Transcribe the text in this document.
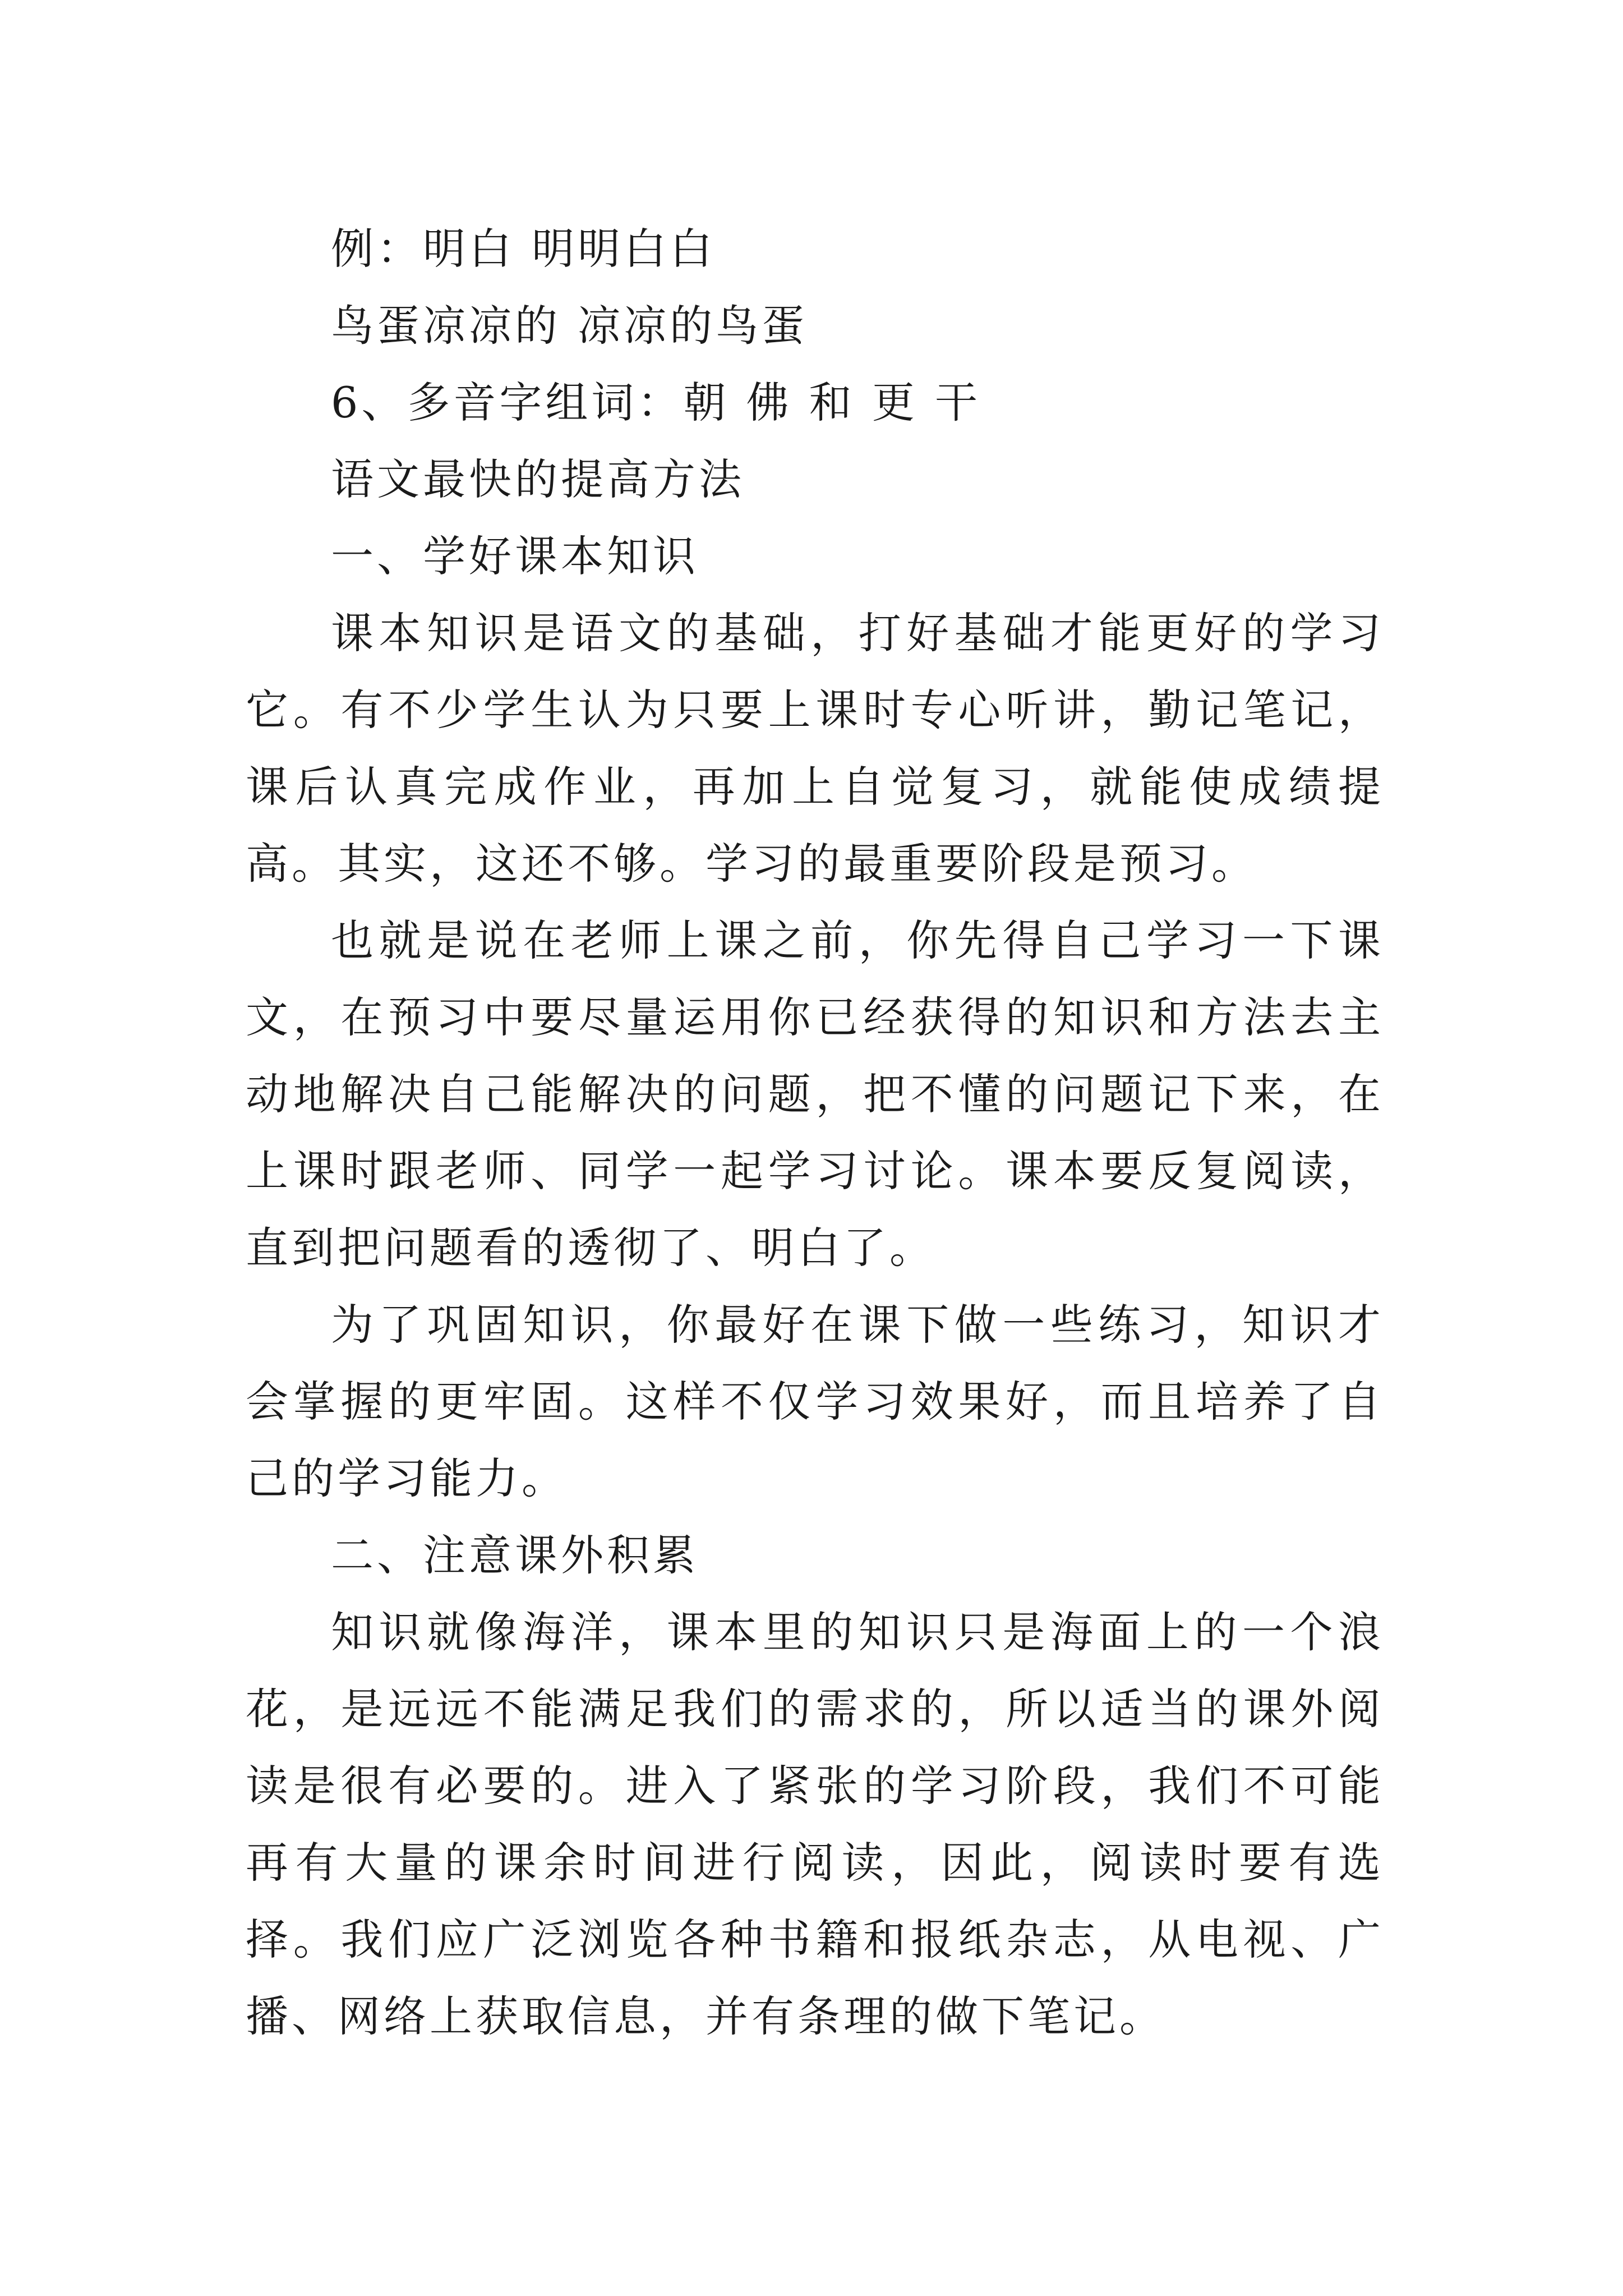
例：明白 明明白白

鸟蛋凉凉的 凉凉的鸟蛋

6、多音字组词：朝 佛 和 更 干

语文最快的提高方法

一、学好课本知识

课本知识是语文的基础，打好基础才能更好的学习它。有不少学生认为只要上课时专心听讲，勤记笔记，课后认真完成作业，再加上自觉复习，就能使成绩提高。其实，这还不够。学习的最重要阶段是预习。

也就是说在老师上课之前，你先得自己学习一下课文，在预习中要尽量运用你已经获得的知识和方法去主动地解决自己能解决的问题，把不懂的问题记下来，在上课时跟老师、同学一起学习讨论。课本要反复阅读，直到把问题看的透彻了、明白了。

为了巩固知识，你最好在课下做一些练习，知识才会掌握的更牢固。这样不仅学习效果好，而且培养了自己的学习能力。

二、注意课外积累

知识就像海洋，课本里的知识只是海面上的一个浪花，是远远不能满足我们的需求的，所以适当的课外阅读是很有必要的。进入了紧张的学习阶段，我们不可能再有大量的课余时间进行阅读，因此，阅读时要有选择。我们应广泛浏览各种书籍和报纸杂志，从电视、广播、网络上获取信息，并有条理的做下笔记。
